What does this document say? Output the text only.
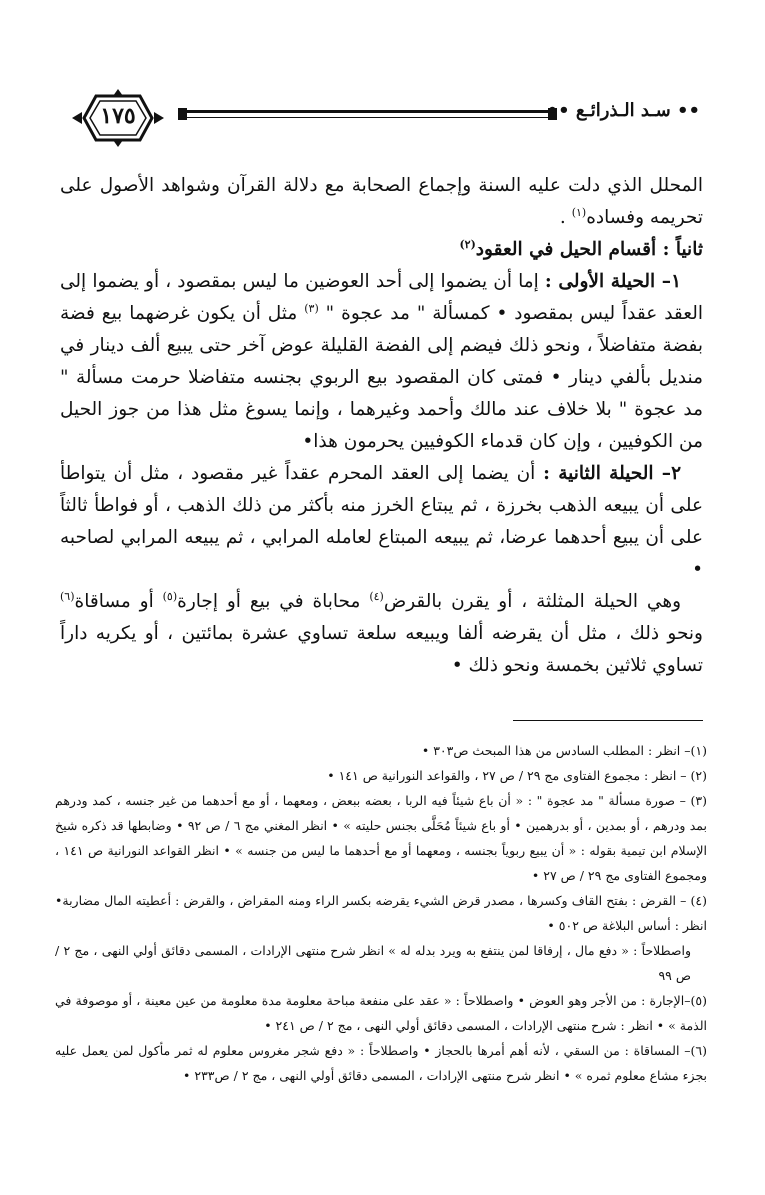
١٧٥	•• سـد الـذرائـع ••

المحلل الذي دلت عليه السنة وإجماع الصحابة مع دلالة القرآن وشواهد الأصول على تحريمه وفساده$^{(١)}$ .

ثانياً : أقسام الحيل في العقود$^{(٢)}$

١– الحيلة الأولى : إما أن يضموا إلى أحد العوضين ما ليس بمقصود ، أو يضموا إلى العقد عقداً ليس بمقصود • كمسألة " مد عجوة " $^{(٣)}$ مثل أن يكون غرضهما بيع فضة بفضة متفاضلاً ، ونحو ذلك فيضم إلى الفضة القليلة عوض آخر حتى يبيع ألف دينار في منديل بألفي دينار • فمتى كان المقصود بيع الربوي بجنسه متفاضلا حرمت مسألة " مد عجوة " بلا خلاف عند مالك وأحمد وغيرهما ، وإنما يسوغ مثل هذا من جوز الحيل من الكوفيين ، وإن كان قدماء الكوفيين يحرمون هذا•

٢– الحيلة الثانية : أن يضما إلى العقد المحرم عقداً غير مقصود ، مثل أن يتواطأ على أن يبيعه الذهب بخرزة ، ثم يبتاع الخرز منه بأكثر من ذلك الذهب ، أو فواطأ ثالثاً على أن يبيع أحدهما عرضا، ثم يبيعه المبتاع لعامله المرابي ، ثم يبيعه المرابي لصاحبه •

وهي الحيلة المثلثة ، أو يقرن بالقرض$^{(٤)}$ محاباة في بيع أو إجارة$^{(٥)}$ أو مساقاة$^{(٦)}$ ونحو ذلك ، مثل أن يقرضه ألفا ويبيعه سلعة تساوي عشرة بمائتين ، أو يكريه داراً تساوي ثلاثين بخمسة ونحو ذلك •

(١)– انظر : المطلب السادس من هذا المبحث ص٣٠٣ •

(٢) – انظر : مجموع الفتاوى مج ٢٩ / ص ٢٧ ، والقواعد النورانية ص ١٤١ •

(٣) – صورة مسألة " مد عجوة " : « أن باع شيئاً فيه الربا ، بعضه ببعض ، ومعهما ، أو مع أحدهما من غير جنسه ، كمد ودرهم بمد ودرهم ، أو بمدين ، أو بدرهمين • أو باع شيئاً مُحَلَّى بجنس حليته » • انظر المغني مج ٦ / ص ٩٢ • وضابطها قد ذكره شيخ الإسلام ابن تيمية بقوله : « أن يبيع ربوياً بجنسه ، ومعهما أو مع أحدهما ما ليس من جنسه » • انظر القواعد النورانية ص ١٤١ ، ومجموع الفتاوى مج ٢٩ / ص ٢٧ •

(٤) – القرض : بفتح القاف وكسرها ، مصدر قرض الشيء يقرضه بكسر الراء ومنه المقراض ، والقرض : أعطيته المال مضاربة• انظر : أساس البلاغة ص ٥٠٢ •

واصطلاحاً : « دفع مال ، إرفاقا لمن ينتفع به ويرد بدله له » انظر شرح منتهى الإرادات ، المسمى دقائق أولي النهى ، مج ٢ / ص ٩٩

(٥)–الإجارة : من الأجر وهو العوض • واصطلاحاً : « عقد على منفعة مباحة معلومة مدة معلومة من عين معينة ، أو موصوفة في الذمة » • انظر : شرح منتهى الإرادات ، المسمى دقائق أولي النهى ، مج ٢ / ص ٢٤١ •

(٦)– المساقاة : من السقي ، لأنه أهم أمرها بالحجاز • واصطلاحاً : « دفع شجر مغروس معلوم له ثمر مأكول لمن يعمل عليه بجزء مشاع معلوم ثمره » • انظر شرح منتهى الإرادات ، المسمى دقائق أولي النهى ، مج ٢ / ص٢٣٣ •
